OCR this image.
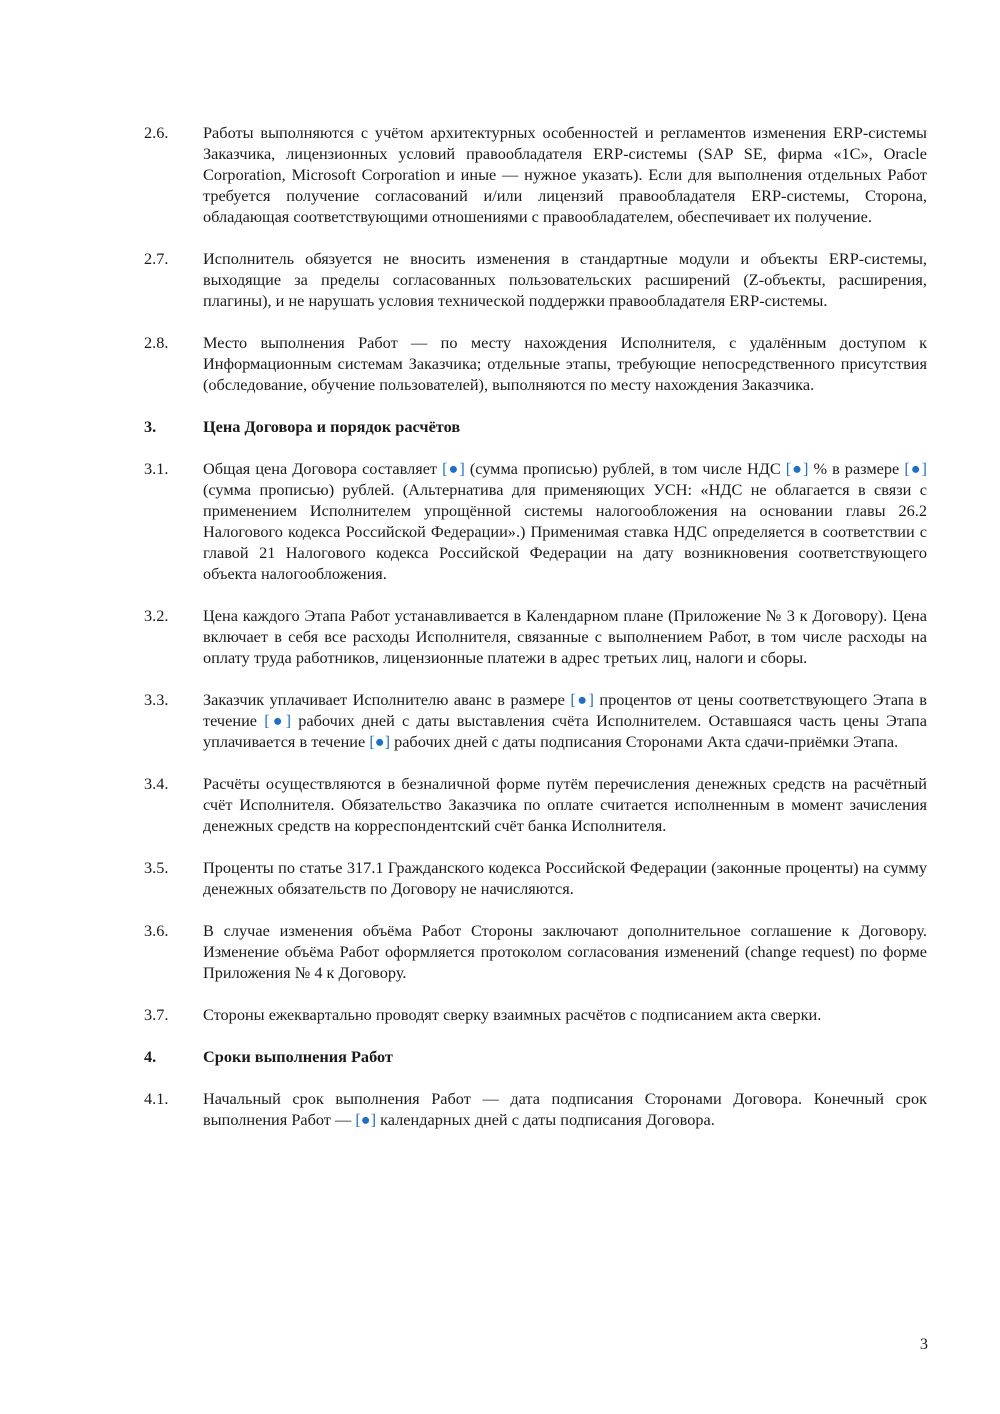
2.6.	Работы выполняются с учётом архитектурных особенностей и регламентов изменения ERP-системы Заказчика, лицензионных условий правообладателя ERP-системы (SAP SE, фирма «1С», Oracle Corporation, Microsoft Corporation и иные — нужное указать). Если для выполнения отдельных Работ требуется получение согласований и/или лицензий правообладателя ERP-системы, Сторона, обладающая соответствующими отношениями с правообладателем, обеспечивает их получение.
2.7.	Исполнитель обязуется не вносить изменения в стандартные модули и объекты ERP-системы, выходящие за пределы согласованных пользовательских расширений (Z-объекты, расширения, плагины), и не нарушать условия технической поддержки правообладателя ERP-системы.
2.8.	Место выполнения Работ — по месту нахождения Исполнителя, с удалённым доступом к Информационным системам Заказчика; отдельные этапы, требующие непосредственного присутствия (обследование, обучение пользователей), выполняются по месту нахождения Заказчика.
3.	Цена Договора и порядок расчётов
3.1.	Общая цена Договора составляет [●] (сумма прописью) рублей, в том числе НДС [●] % в размере [●] (сумма прописью) рублей. (Альтернатива для применяющих УСН: «НДС не облагается в связи с применением Исполнителем упрощённой системы налогообложения на основании главы 26.2 Налогового кодекса Российской Федерации».) Применимая ставка НДС определяется в соответствии с главой 21 Налогового кодекса Российской Федерации на дату возникновения соответствующего объекта налогообложения.
3.2.	Цена каждого Этапа Работ устанавливается в Календарном плане (Приложение № 3 к Договору). Цена включает в себя все расходы Исполнителя, связанные с выполнением Работ, в том числе расходы на оплату труда работников, лицензионные платежи в адрес третьих лиц, налоги и сборы.
3.3.	Заказчик уплачивает Исполнителю аванс в размере [●] процентов от цены соответствующего Этапа в течение [●] рабочих дней с даты выставления счёта Исполнителем. Оставшаяся часть цены Этапа уплачивается в течение [●] рабочих дней с даты подписания Сторонами Акта сдачи-приёмки Этапа.
3.4.	Расчёты осуществляются в безналичной форме путём перечисления денежных средств на расчётный счёт Исполнителя. Обязательство Заказчика по оплате считается исполненным в момент зачисления денежных средств на корреспондентский счёт банка Исполнителя.
3.5.	Проценты по статье 317.1 Гражданского кодекса Российской Федерации (законные проценты) на сумму денежных обязательств по Договору не начисляются.
3.6.	В случае изменения объёма Работ Стороны заключают дополнительное соглашение к Договору. Изменение объёма Работ оформляется протоколом согласования изменений (change request) по форме Приложения № 4 к Договору.
3.7.	Стороны ежеквартально проводят сверку взаимных расчётов с подписанием акта сверки.
4.	Сроки выполнения Работ
4.1.	Начальный срок выполнения Работ — дата подписания Сторонами Договора. Конечный срок выполнения Работ — [●] календарных дней с даты подписания Договора.
3
